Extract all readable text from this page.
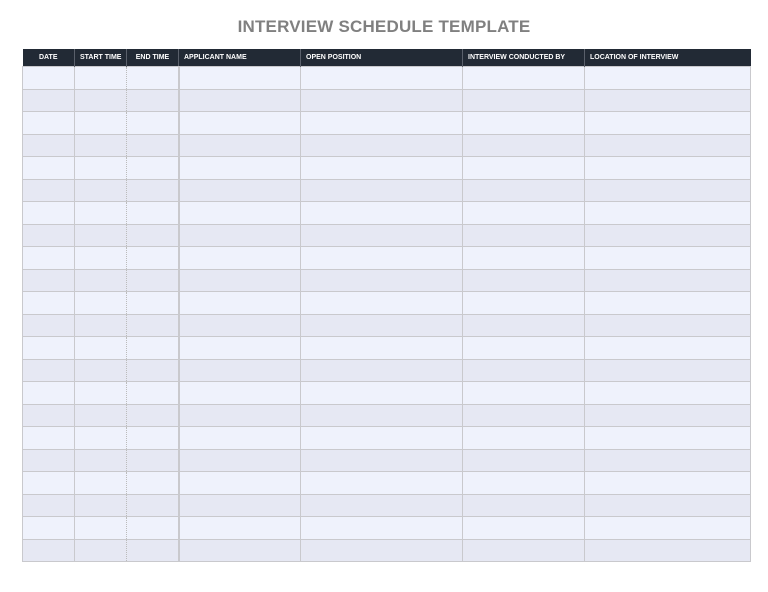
INTERVIEW SCHEDULE TEMPLATE
DATE	START TIME	END TIME	APPLICANT NAME	OPEN POSITION	INTERVIEW CONDUCTED BY	LOCATION OF INTERVIEW
